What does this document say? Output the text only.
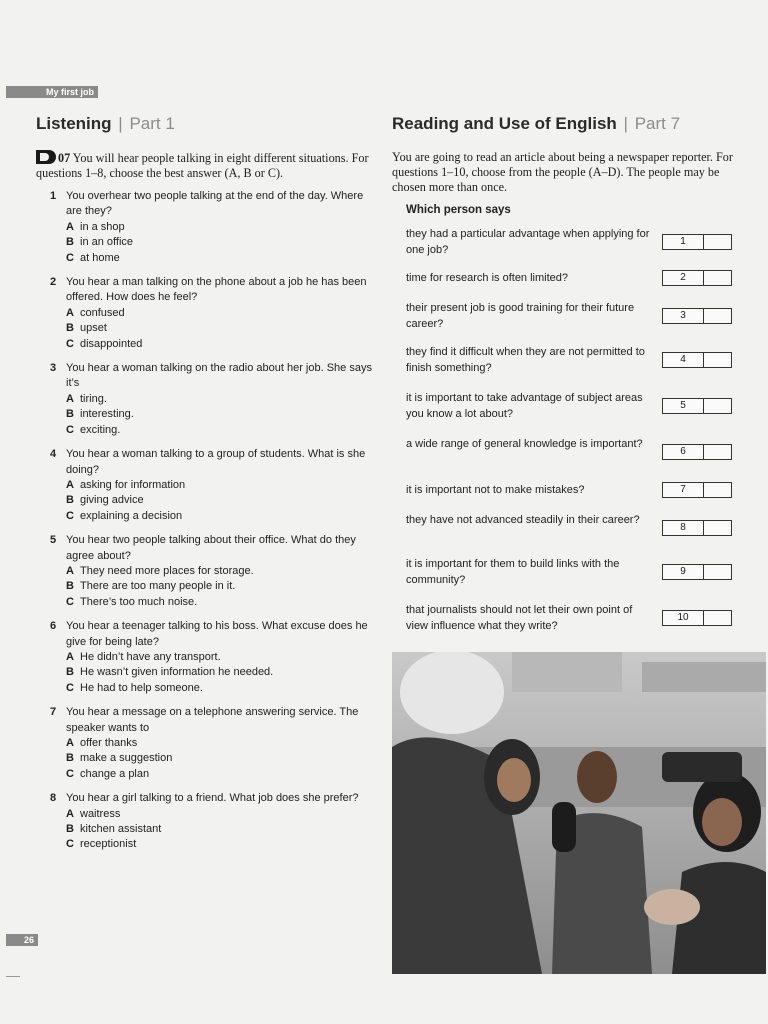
My first job
Listening | Part 1
07 You will hear people talking in eight different situations. For questions 1–8, choose the best answer (A, B or C).
1 You overhear two people talking at the end of the day. Where are they?
A in a shop
B in an office
C at home
2 You hear a man talking on the phone about a job he has been offered. How does he feel?
A confused
B upset
C disappointed
3 You hear a woman talking on the radio about her job. She says it’s
A tiring.
B interesting.
C exciting.
4 You hear a woman talking to a group of students. What is she doing?
A asking for information
B giving advice
C explaining a decision
5 You hear two people talking about their office. What do they agree about?
A They need more places for storage.
B There are too many people in it.
C There’s too much noise.
6 You hear a teenager talking to his boss. What excuse does he give for being late?
A He didn’t have any transport.
B He wasn’t given information he needed.
C He had to help someone.
7 You hear a message on a telephone answering service. The speaker wants to
A offer thanks
B make a suggestion
C change a plan
8 You hear a girl talking to a friend. What job does she prefer?
A waitress
B kitchen assistant
C receptionist
Reading and Use of English | Part 7
You are going to read an article about being a newspaper reporter. For questions 1–10, choose from the people (A–D). The people may be chosen more than once.
Which person says
they had a particular advantage when applying for one job?
1
time for research is often limited?	2
their present job is good training for their future career?
3
they find it difficult when they are not permitted to finish something?
4
it is important to take advantage of subject areas you know a lot about?
5
a wide range of general knowledge is important?
6
it is important not to make mistakes?	7
they have not advanced steadily in their career?
8
it is important for them to build links with the community?
9
that journalists should not let their own point of view influence what they write?
10
26
